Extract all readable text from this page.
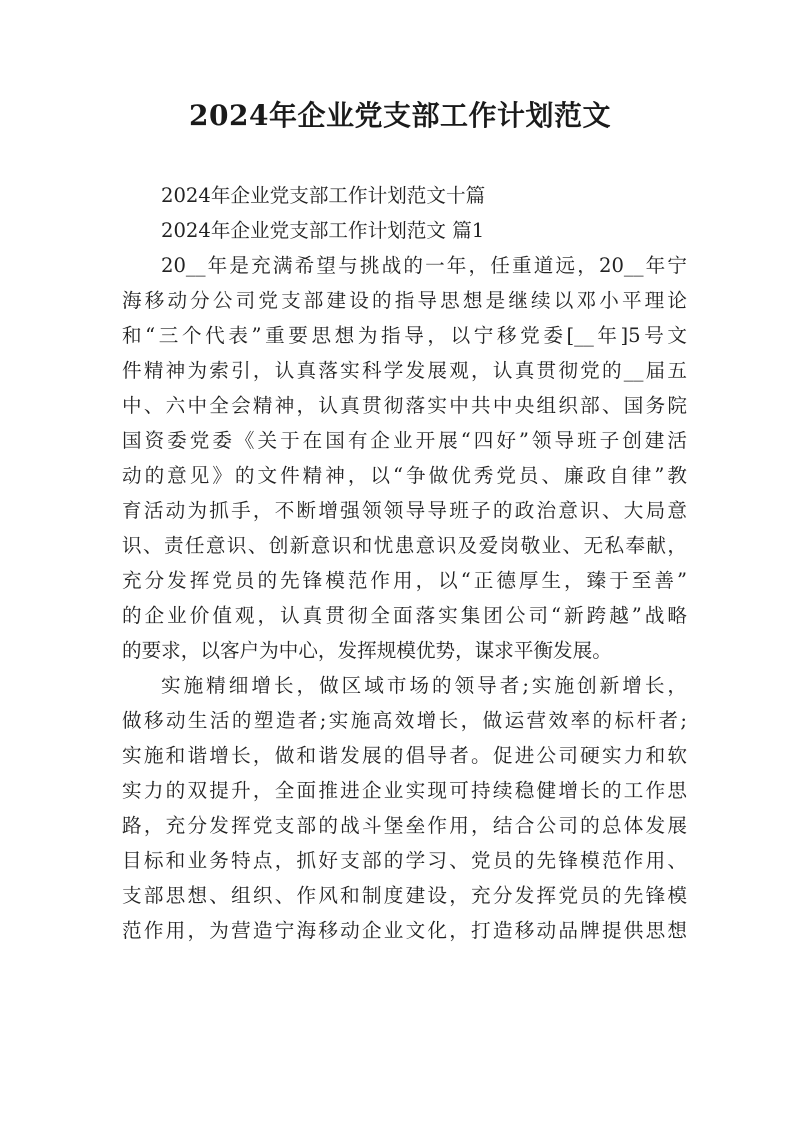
2024年企业党支部工作计划范文
2024年企业党支部工作计划范文十篇
2024年企业党支部工作计划范文 篇1
20__年是充满希望与挑战的一年，任重道远，20__年宁
海移动分公司党支部建设的指导思想是继续以邓小平理论
和“三个代表”重要思想为指导，以宁移党委[__年]5号文
件精神为索引，认真落实科学发展观，认真贯彻党的__届五
中、六中全会精神，认真贯彻落实中共中央组织部、国务院
国资委党委《关于在国有企业开展“四好”领导班子创建活
动的意见》的文件精神，以“争做优秀党员、廉政自律”教
育活动为抓手，不断增强领领导导班子的政治意识、大局意
识、责任意识、创新意识和忧患意识及爱岗敬业、无私奉献，
充分发挥党员的先锋模范作用，以“正德厚生，臻于至善”
的企业价值观，认真贯彻全面落实集团公司“新跨越”战略
的要求，以客户为中心，发挥规模优势，谋求平衡发展。
实施精细增长，做区域市场的领导者;实施创新增长，
做移动生活的塑造者;实施高效增长，做运营效率的标杆者;
实施和谐增长，做和谐发展的倡导者。促进公司硬实力和软
实力的双提升，全面推进企业实现可持续稳健增长的工作思
路，充分发挥党支部的战斗堡垒作用，结合公司的总体发展
目标和业务特点，抓好支部的学习、党员的先锋模范作用、
支部思想、组织、作风和制度建设，充分发挥党员的先锋模
范作用，为营造宁海移动企业文化，打造移动品牌提供思想
